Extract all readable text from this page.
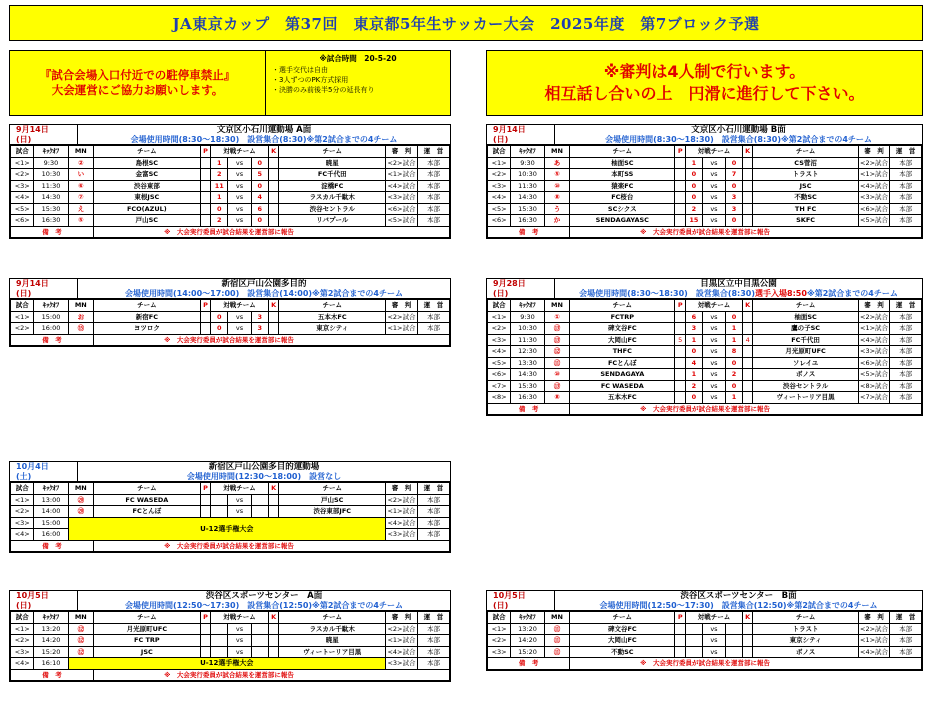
JA東京カップ　第37回　東京都5年生サッカー大会　2025年度　第7ブロック予選
『試合会場入口付近での駐停車禁止』
大会運営にご協力お願いします。
※試合時間　20-5-20
・選手交代は自由
・3人ずつのPK方式採用
・決勝のみ前後半5分の延長有り
※審判は4人制で行います。
相互話し合いの上　円滑に進行して下さい。
9月14日
(日)
文京区小石川運動場 A面
会場使用時間(8:30～18:30)　設営集合(8:30)※第2試合までの4チーム
試合	ｷｯｸｵﾌ	MN	チーム	P	対戦チーム			K	チーム	審　判	運　営
<1>	9:30	②	島根SC		1	vs	0		暁星	<2>試合	本部
<2>	10:30	い	金富SC		2	vs	5		FC千代田	<1>試合	本部
<3>	11:30	⑥	渋谷東部		11	vs	0		淀橋FC	<4>試合	本部
<4>	14:30	⑦	東根JSC		1	vs	4		ラスカル千駄木	<3>試合	本部
<5>	15:30	え	FCO(AZUL)		0	vs	6		渋谷セントラル	<6>試合	本部
<6>	16:30	⑤	戸山SC		2	vs	0		リバプール	<5>試合	本部
備　考			※　大会実行委員が試合結果を運営部に報告								
9月14日
(日)
文京区小石川運動場 B面
会場使用時間(8:30～18:30)　設営集合(8:30)※第2試合までの4チーム
試合	ｷｯｸｵﾌ	MN	チーム	P	対戦チーム			K	チーム	審　判	運　営
<1>	9:30	あ	柚面SC		1	vs	0		CS菅沼	<2>試合	本部
<2>	10:30	⑤	本町SS		0	vs	7		トラスト	<1>試合	本部
<3>	11:30	⑩	猿楽FC		0	vs	0		JSC	<4>試合	本部
<4>	14:30	⑧	FC桜台		0	vs	3		不動SC	<3>試合	本部
<5>	15:30	う	SCシクス		2	vs	3		TH FC	<6>試合	本部
<6>	16:30	か	SENDAGAYASC		15	vs	0		SKFC	<5>試合	本部
備　考			※　大会実行委員が試合結果を運営部に報告								
9月14日
(日)
新宿区戸山公園多目的
会場使用時間(14:00～17:00)　設営集合(14:00)※第2試合までの4チーム
試合	ｷｯｸｵﾌ	MN	チーム	P	対戦チーム			K	チーム	審　判	運　営
<1>	15:00	お	新宿FC		0	vs	3		五本木FC	<2>試合	本部
<2>	16:00	⑮	ヨツロク		0	vs	3		東京シティ	<1>試合	本部
備　考			※　大会実行委員が試合結果を運営部に報告								
9月28日
(日)
目黒区立中目黒公園
会場使用時間(8:30～18:30)　設営集合(8:30)選手入場8:50※第2試合までの4チーム
試合	ｷｯｸｵﾌ	MN	チーム	P	対戦チーム			K	チーム	審　判	運　営
<1>	9:30	①	FCTRP		6	vs	0		柚面SC	<2>試合	本部
<2>	10:30	⑬	碑文谷FC		3	vs	1		鷹の子SC	<1>試合	本部
<3>	11:30	⑬	大岡山FC	5	1	vs	1	4	FC千代田	<4>試合	本部
<4>	12:30	⑫	THFC		0	vs	8		月光原町UFC	<3>試合	本部
<5>	13:30	⑪	FCとんぼ		4	vs	0		ソレイユ	<6>試合	本部
<6>	14:30	⑩	SENDAGAYA		1	vs	2		ボノス	<5>試合	本部
<7>	15:30	⑬	FC WASEDA		2	vs	0		渋谷セントラル	<8>試合	本部
<8>	16:30	⑧	五本木FC		0	vs	1		ヴィートーリア目黒	<7>試合	本部
備　考			※　大会実行委員が試合結果を運営部に報告								
10月4日
(土)
新宿区戸山公園多目的運動場
会場使用時間(12:30～18:00)　設営なし
試合	ｷｯｸｵﾌ	MN	チーム	P	対戦チーム			K	チーム	審　判	運　営
<1>	13:00	⑳	FC WASEDA			vs			戸山SC	<2>試合	本部
<2>	14:00	⑳	FCとんぼ			vs			渋谷東部JFC	<1>試合	本部
<3>	15:00	U-12選手権大会								<4>試合	本部
<4>	16:00									<3>試合	本部
備　考			※　大会実行委員が試合結果を運営部に報告								
10月5日
(日)
渋谷区スポーツセンター　A面
会場使用時間(12:50～17:30)　設営集合(12:50)※第2試合までの4チーム
試合	ｷｯｸｵﾌ	MN	チーム	P	対戦チーム			K	チーム	審　判	運　営
<1>	13:20	⑫	月光原町UFC			vs			ラスカル千駄木	<2>試合	本部
<2>	14:20	⑫	FC TRP			vs			暁星	<1>試合	本部
<3>	15:20	⑫	JSC			vs			ヴィートーリア目黒	<4>試合	本部
<4>	16:10	U-12選手権大会								<3>試合	本部
備　考			※　大会実行委員が試合結果を運営部に報告								
10月5日
(日)
渋谷区スポーツセンター　B面
会場使用時間(12:50～17:30)　設営集合(12:50)※第2試合までの4チーム
試合	ｷｯｸｵﾌ	MN	チーム	P	対戦チーム			K	チーム	審　判	運　営
<1>	13:20	⑪	碑文谷FC			vs			トラスト	<2>試合	本部
<2>	14:20	⑪	大岡山FC			vs			東京シティ	<1>試合	本部
<3>	15:20	⑪	不動SC			vs			ボノス	<4>試合	本部
備　考			※　大会実行委員が試合結果を運営部に報告								
